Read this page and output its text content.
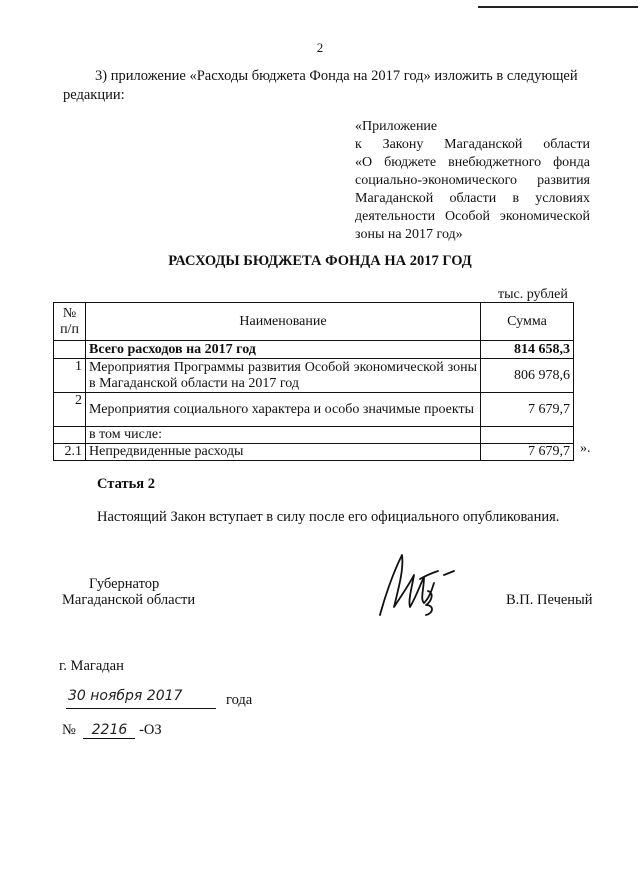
2
3) приложение «Расходы бюджета Фонда на 2017 год» изложить в следующей
редакции:
«Приложение
к Закону Магаданской области
«О бюджете внебюджетного фонда
социально-экономического развития
Магаданской области в условиях
деятельности Особой экономической
зоны на 2017 год»
РАСХОДЫ БЮДЖЕТА ФОНДА НА 2017 ГОД
тыс. рублей
№ п/п	Наименование	Сумма
	Всего расходов на 2017 год	814 658,3
1	Мероприятия Программы развития Особой экономической зоны в Магаданской области на 2017 год	806 978,6
2	Мероприятия социального характера и особо значимые проекты	7 679,7
	в том числе:	
2.1	Непредвиденные расходы	7 679,7 ».
Статья 2
Настоящий Закон вступает в силу после его официального опубликования.
Губернатор
Магаданской области	В.П. Печеный
г. Магадан
30 ноября 2017	года
№ 2216 -ОЗ
